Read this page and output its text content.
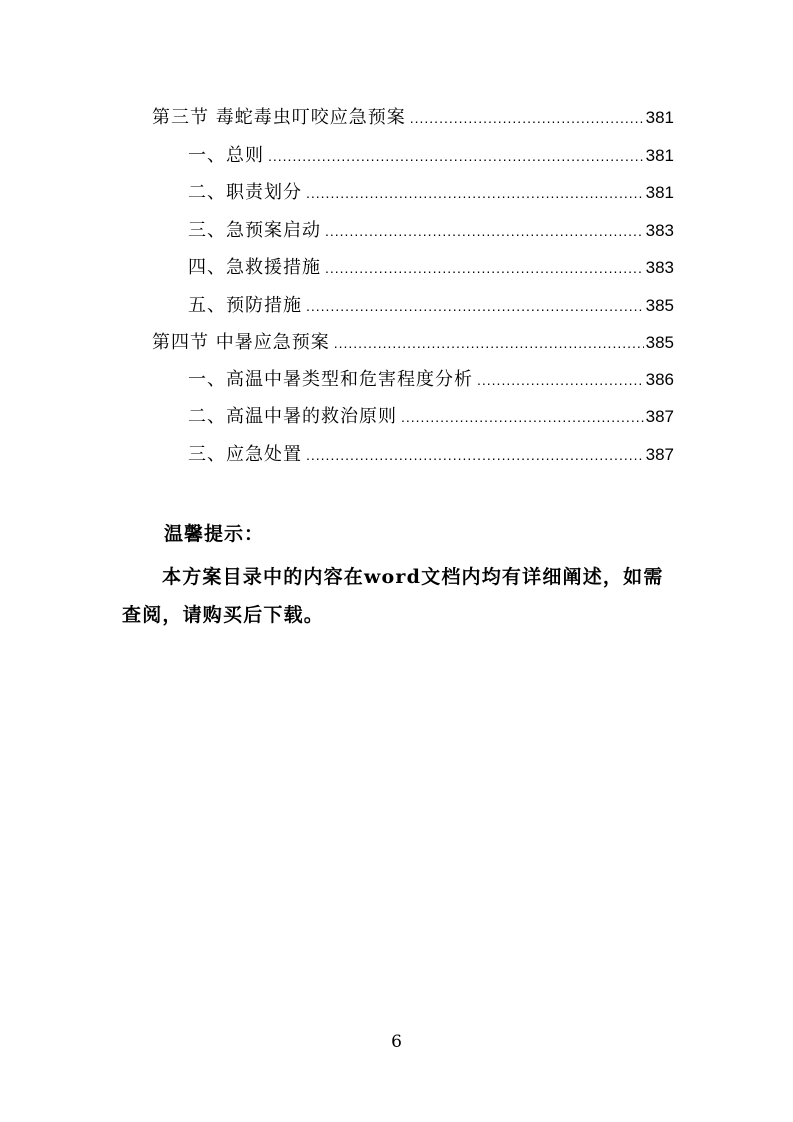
第三节 毒蛇毒虫叮咬应急预案 .....	381
一、总则 .....	381
二、职责划分 .....	381
三、急预案启动 .....	383
四、急救援措施 .....	383
五、预防措施 .....	385
第四节 中暑应急预案 .....	385
一、高温中暑类型和危害程度分析 .....	386
二、高温中暑的救治原则 .....	387
三、应急处置 .....	387
温馨提示：
本方案目录中的内容在word文档内均有详细阐述，如需查阅，请购买后下载。
6
